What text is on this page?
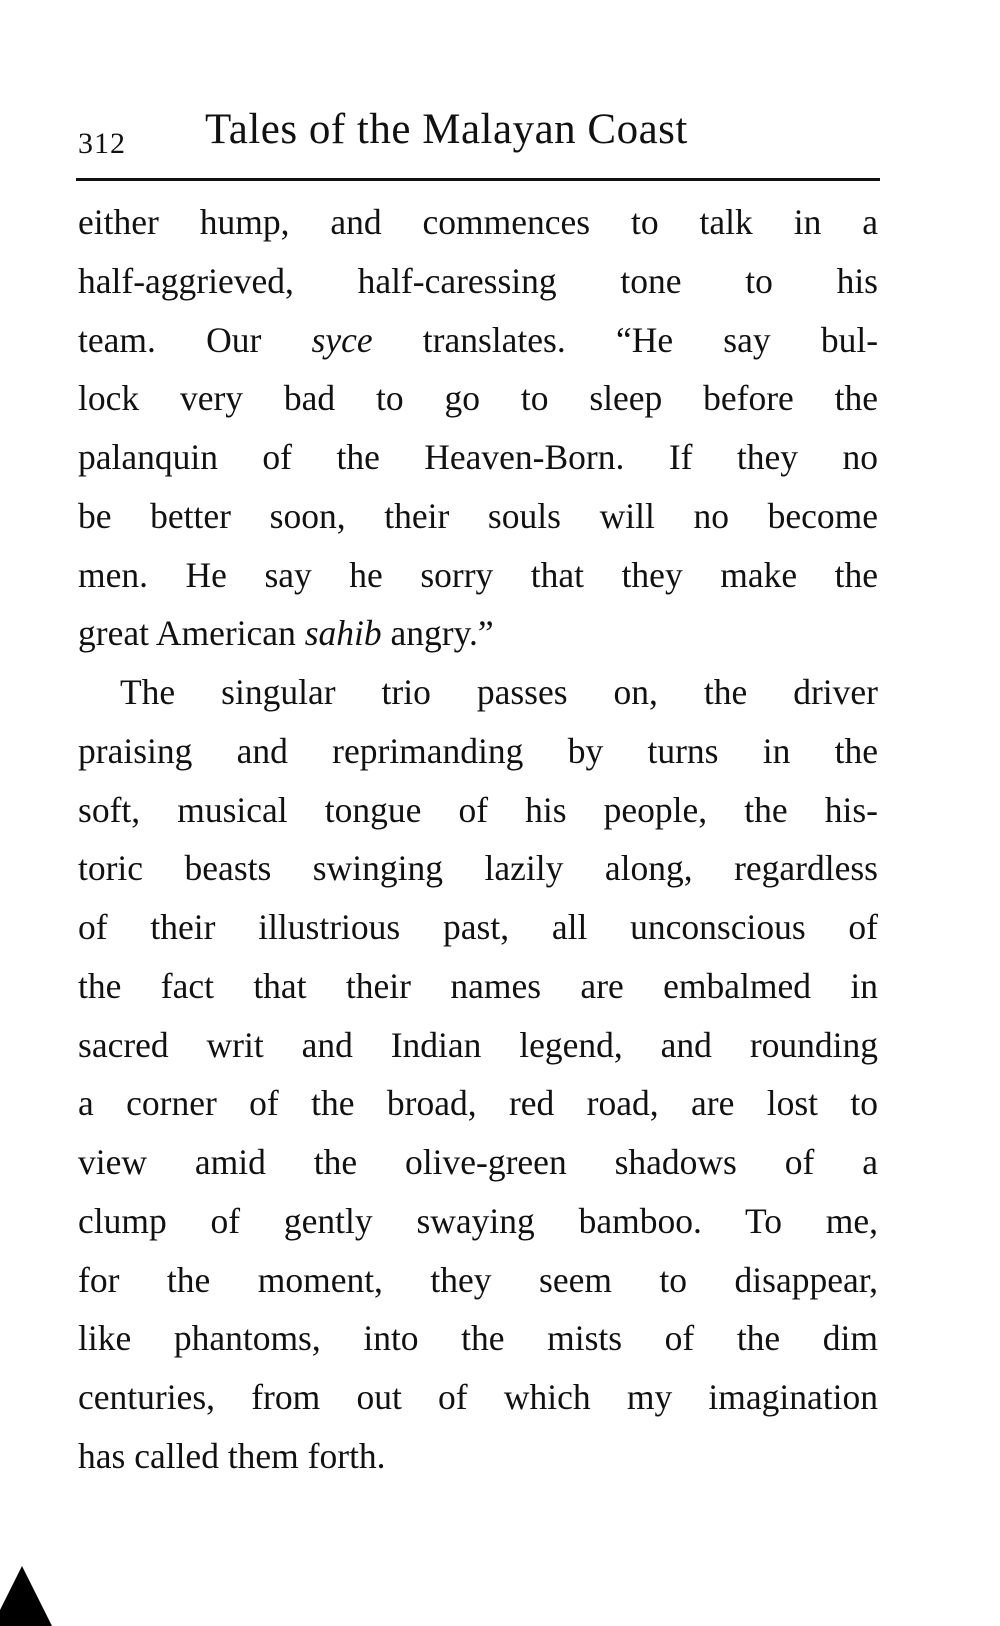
312 Tales of the Malayan Coast
either hump, and commences to talk in a
half-aggrieved, half-caressing tone to his
team. Our syce translates. “He say bul-
lock very bad to go to sleep before the
palanquin of the Heaven-Born. If they no
be better soon, their souls will no become
men. He say he sorry that they make the
great American sahib angry.”
The singular trio passes on, the driver
praising and reprimanding by turns in the
soft, musical tongue of his people, the his-
toric beasts swinging lazily along, regardless
of their illustrious past, all unconscious of
the fact that their names are embalmed in
sacred writ and Indian legend, and rounding
a corner of the broad, red road, are lost to
view amid the olive-green shadows of a
clump of gently swaying bamboo. To me,
for the moment, they seem to disappear,
like phantoms, into the mists of the dim
centuries, from out of which my imagination
has called them forth.
